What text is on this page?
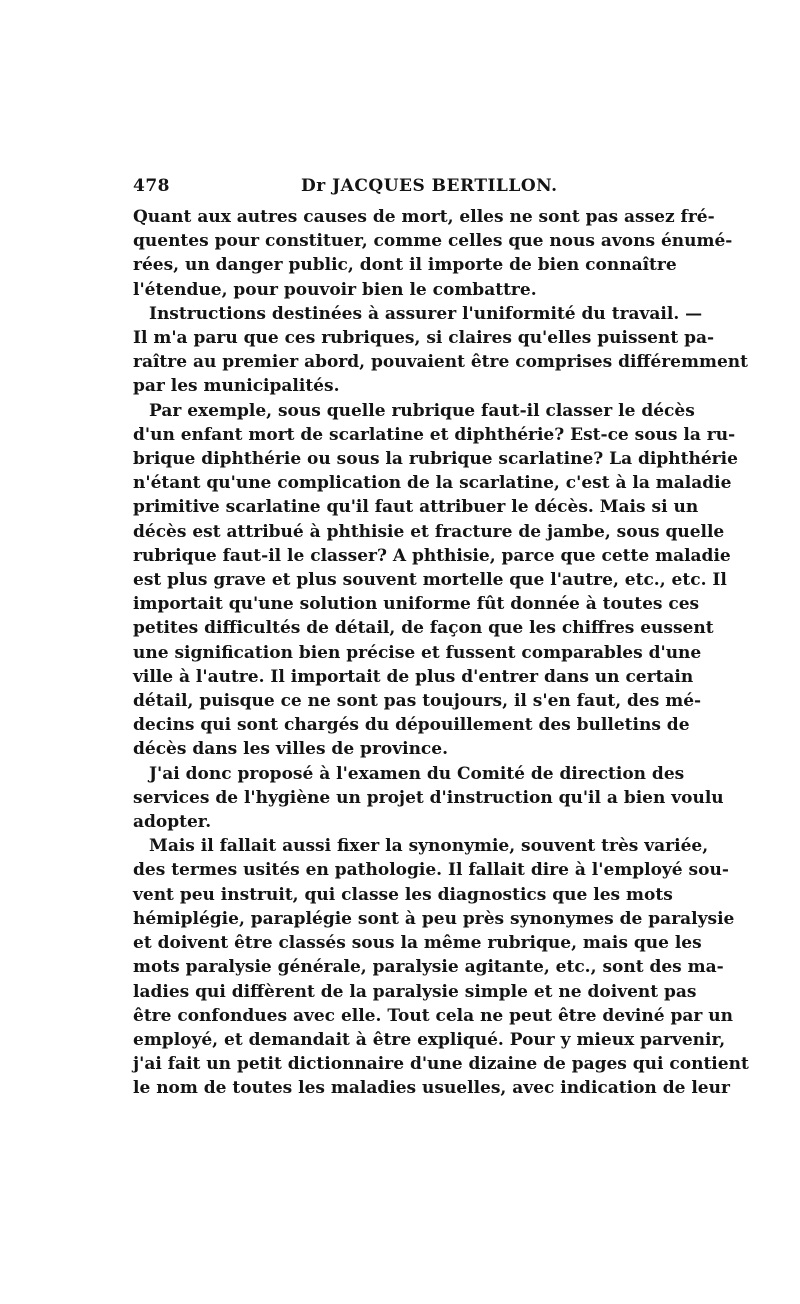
478	Dr JACQUES BERTILLON.
Quant aux autres causes de mort, elles ne sont pas assez fré-
quentes pour constituer, comme celles que nous avons énumé-
rées, un danger public, dont il importe de bien connaître
l'étendue, pour pouvoir bien le combattre.
Instructions destinées à assurer l'uniformité du travail. —
Il m'a paru que ces rubriques, si claires qu'elles puissent pa-
raître au premier abord, pouvaient être comprises différemment
par les municipalités.
Par exemple, sous quelle rubrique faut-il classer le décès
d'un enfant mort de scarlatine et diphthérie? Est-ce sous la ru-
brique diphthérie ou sous la rubrique scarlatine? La diphthérie
n'étant qu'une complication de la scarlatine, c'est à la maladie
primitive scarlatine qu'il faut attribuer le décès. Mais si un
décès est attribué à phthisie et fracture de jambe, sous quelle
rubrique faut-il le classer? A phthisie, parce que cette maladie
est plus grave et plus souvent mortelle que l'autre, etc., etc. Il
importait qu'une solution uniforme fût donnée à toutes ces
petites difficultés de détail, de façon que les chiffres eussent
une signification bien précise et fussent comparables d'une
ville à l'autre. Il importait de plus d'entrer dans un certain
détail, puisque ce ne sont pas toujours, il s'en faut, des mé-
decins qui sont chargés du dépouillement des bulletins de
décès dans les villes de province.
J'ai donc proposé à l'examen du Comité de direction des
services de l'hygiène un projet d'instruction qu'il a bien voulu
adopter.
Mais il fallait aussi fixer la synonymie, souvent très variée,
des termes usités en pathologie. Il fallait dire à l'employé sou-
vent peu instruit, qui classe les diagnostics que les mots
hémiplégie, paraplégie sont à peu près synonymes de paralysie
et doivent être classés sous la même rubrique, mais que les
mots paralysie générale, paralysie agitante, etc., sont des ma-
ladies qui diffèrent de la paralysie simple et ne doivent pas
être confondues avec elle. Tout cela ne peut être deviné par un
employé, et demandait à être expliqué. Pour y mieux parvenir,
j'ai fait un petit dictionnaire d'une dizaine de pages qui contient
le nom de toutes les maladies usuelles, avec indication de leur
